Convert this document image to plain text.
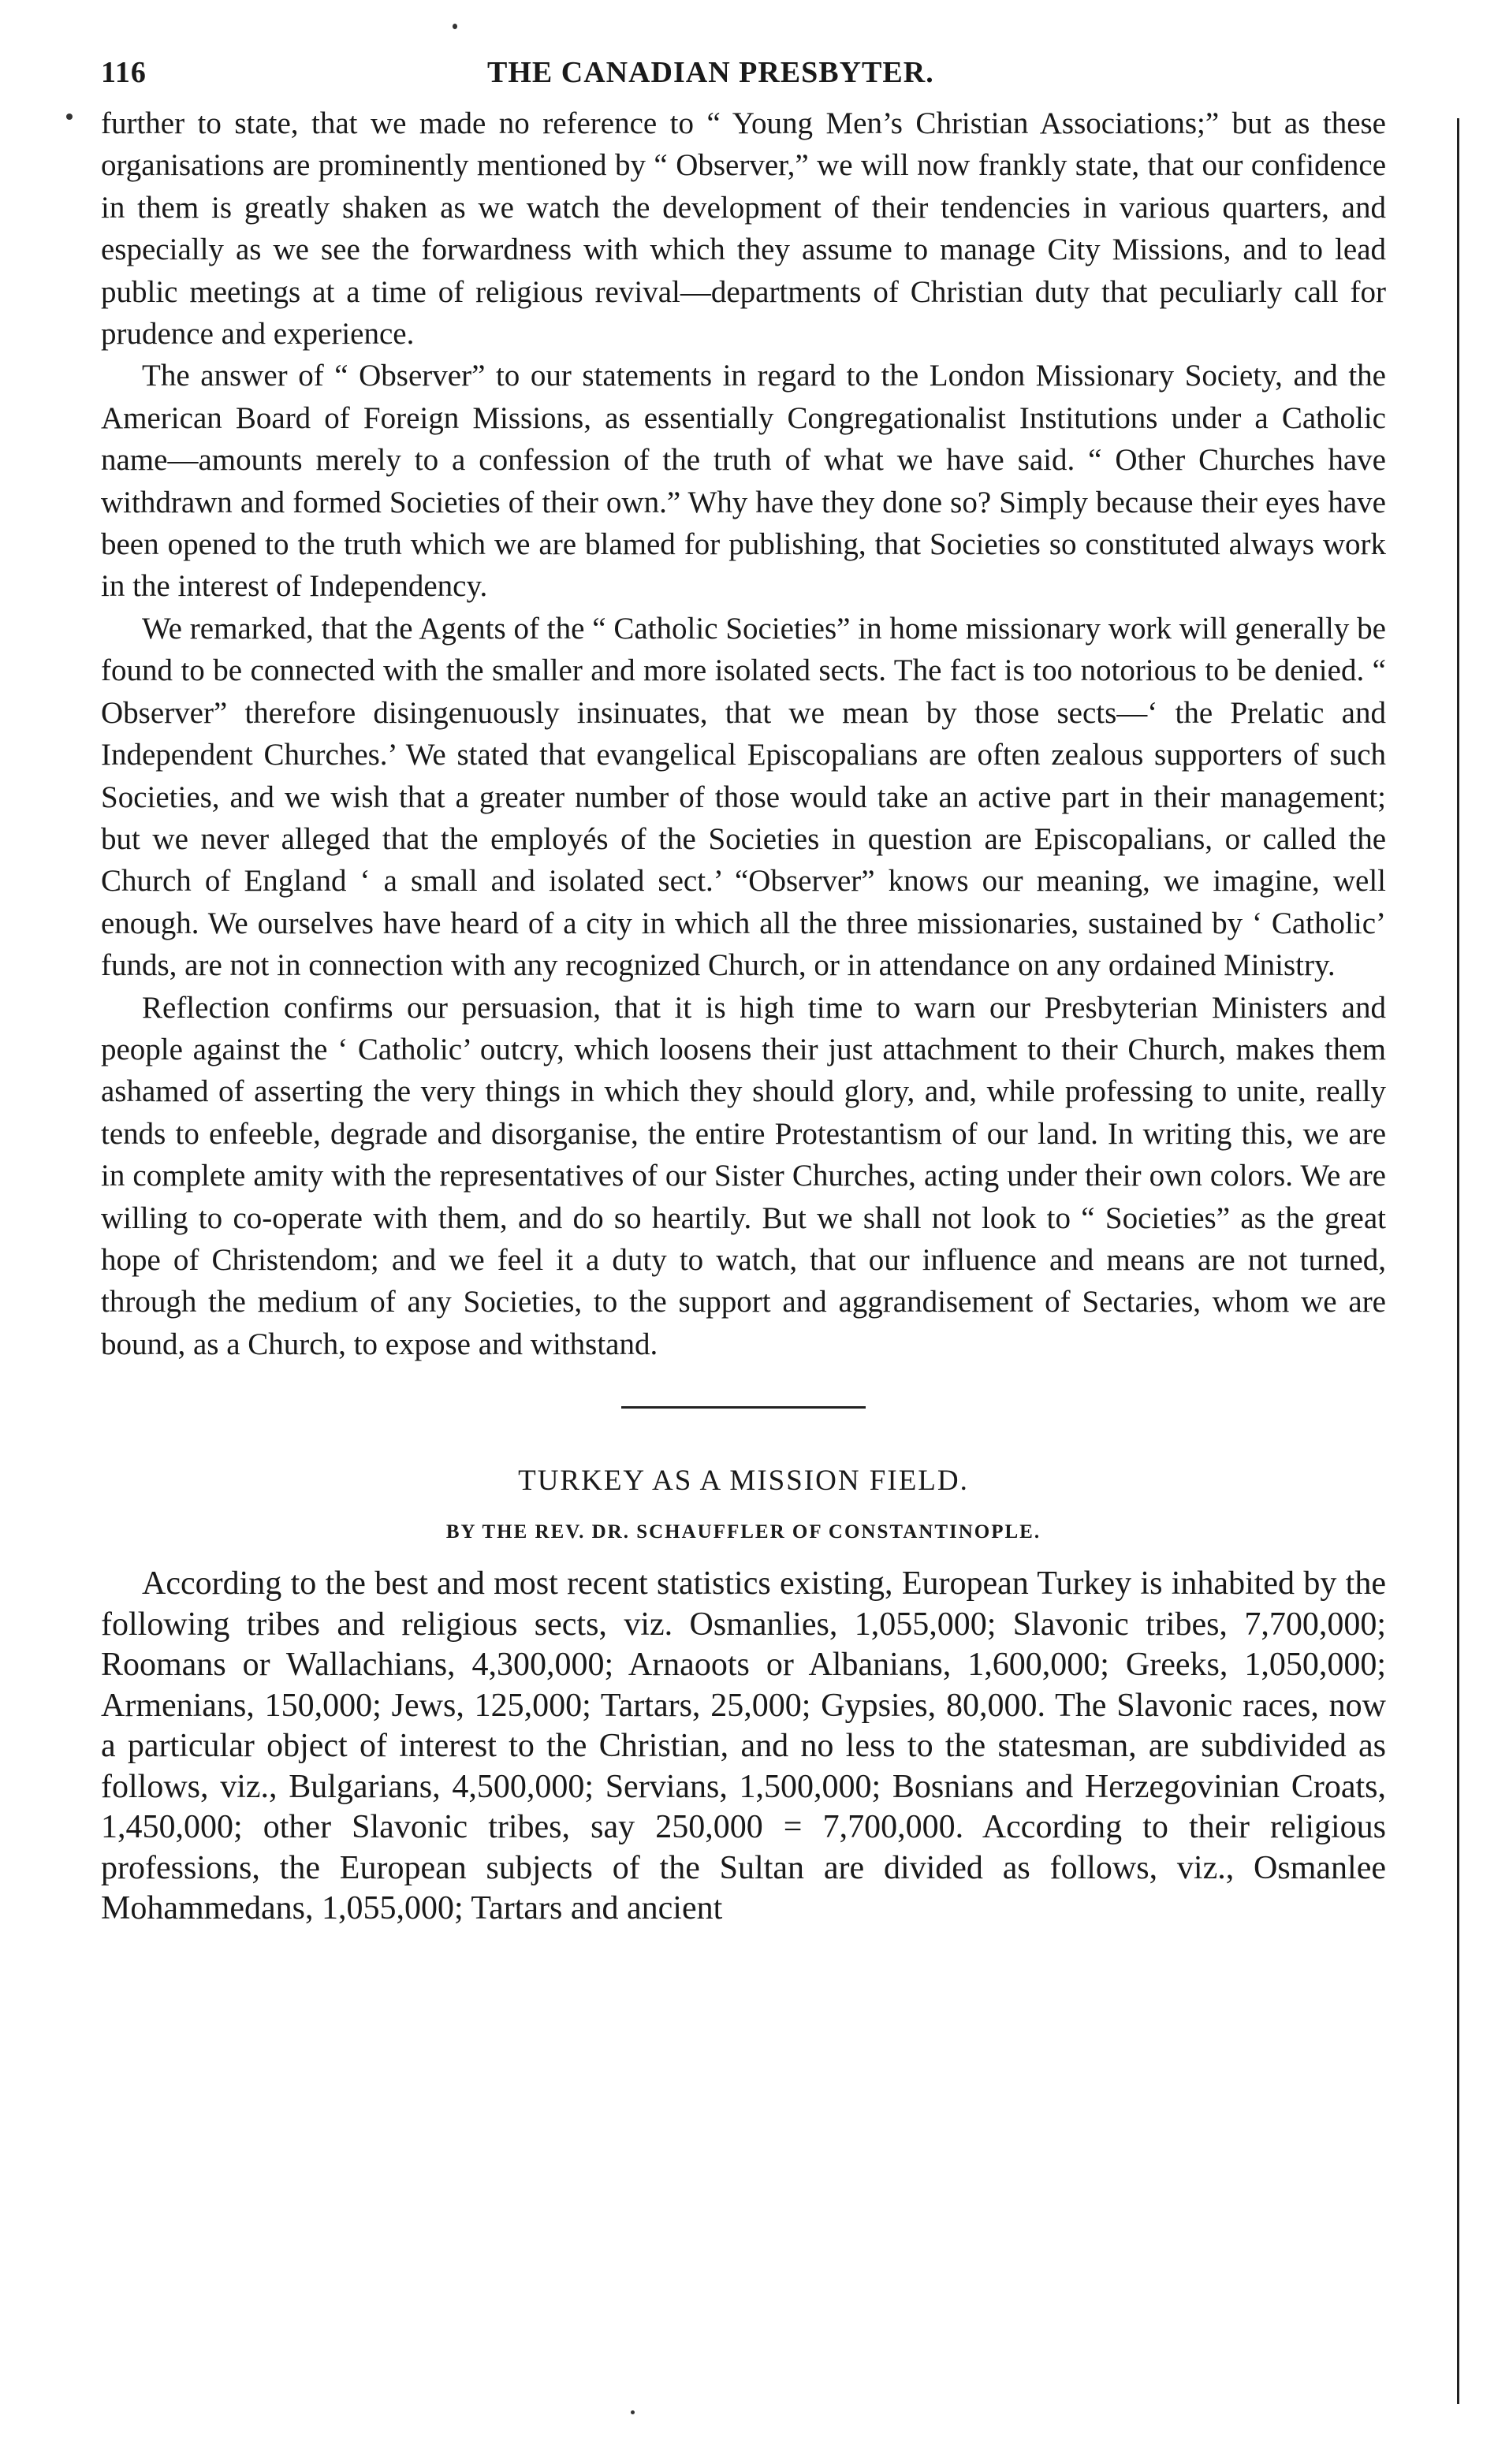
116	THE CANADIAN PRESBYTER.

further to state, that we made no reference to “ Young Men’s Christian Associations;” but as these organisations are prominently mentioned by “ Observer,” we will now frankly state, that our confidence in them is greatly shaken as we watch the development of their tendencies in various quarters, and especially as we see the forwardness with which they assume to manage City Missions, and to lead public meetings at a time of religious revival—departments of Christian duty that peculiarly call for prudence and experience.

The answer of “ Observer” to our statements in regard to the London Missionary Society, and the American Board of Foreign Missions, as essentially Congregationalist Institutions under a Catholic name—amounts merely to a confession of the truth of what we have said. “ Other Churches have withdrawn and formed Societies of their own.” Why have they done so? Simply because their eyes have been opened to the truth which we are blamed for publishing, that Societies so constituted always work in the interest of Independency.

We remarked, that the Agents of the “ Catholic Societies” in home missionary work will generally be found to be connected with the smaller and more isolated sects. The fact is too notorious to be denied. “ Observer” therefore disingenuously insinuates, that we mean by those sects—‘ the Prelatic and Independent Churches.’ We stated that evangelical Episcopalians are often zealous supporters of such Societies, and we wish that a greater number of those would take an active part in their management; but we never alleged that the employés of the Societies in question are Episcopalians, or called the Church of England ‘ a small and isolated sect.’ “Observer” knows our meaning, we imagine, well enough. We ourselves have heard of a city in which all the three missionaries, sustained by ‘ Catholic’ funds, are not in connection with any recognized Church, or in attendance on any ordained Ministry.

Reflection confirms our persuasion, that it is high time to warn our Presbyterian Ministers and people against the ‘ Catholic’ outcry, which loosens their just attachment to their Church, makes them ashamed of asserting the very things in which they should glory, and, while professing to unite, really tends to enfeeble, degrade and disorganise, the entire Protestantism of our land. In writing this, we are in complete amity with the representatives of our Sister Churches, acting under their own colors. We are willing to co-operate with them, and do so heartily. But we shall not look to “ Societies” as the great hope of Christendom; and we feel it a duty to watch, that our influence and means are not turned, through the medium of any Societies, to the support and aggrandisement of Sectaries, whom we are bound, as a Church, to expose and withstand.

TURKEY AS A MISSION FIELD.
BY THE REV. DR. SCHAUFFLER OF CONSTANTINOPLE.

According to the best and most recent statistics existing, European Turkey is inhabited by the following tribes and religious sects, viz. Osmanlies, 1,055,000; Slavonic tribes, 7,700,000; Roomans or Wallachians, 4,300,000; Arnaoots or Albanians, 1,600,000; Greeks, 1,050,000; Armenians, 150,000; Jews, 125,000; Tartars, 25,000; Gypsies, 80,000. The Slavonic races, now a particular object of interest to the Christian, and no less to the statesman, are subdivided as follows, viz., Bulgarians, 4,500,000; Servians, 1,500,000; Bosnians and Herzegovinian Croats, 1,450,000; other Slavonic tribes, say 250,000 = 7,700,000. According to their religious professions, the European subjects of the Sultan are divided as follows, viz., Osmanlee Mohammedans, 1,055,000; Tartars and ancient
